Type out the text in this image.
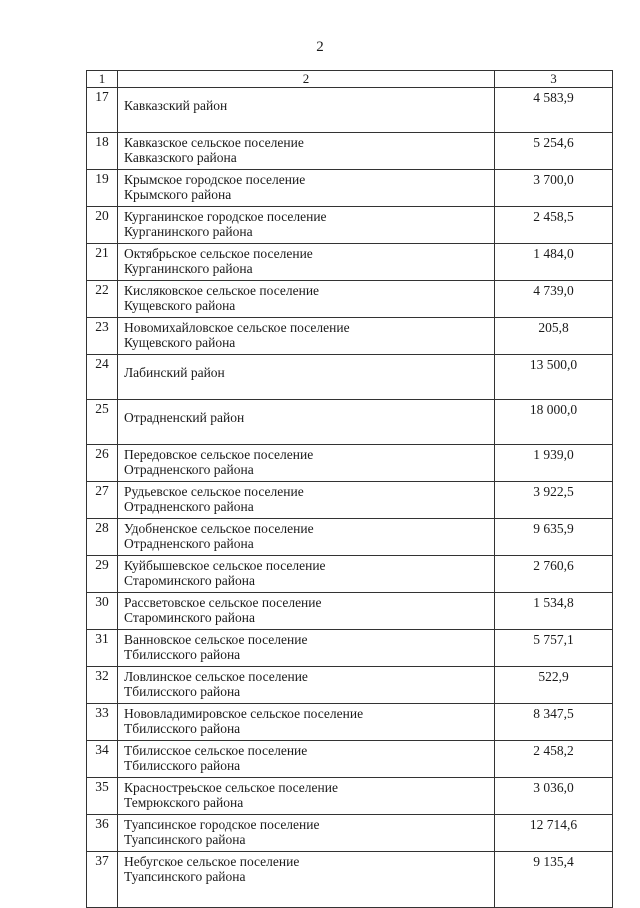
2
1	2	3
17	Кавказский район	4 583,9
18	Кавказское сельское поселение
Кавказского района	5 254,6
19	Крымское городское поселение
Крымского района	3 700,0
20	Курганинское городское поселение
Курганинского района	2 458,5
21	Октябрьское сельское поселение
Курганинского района	1 484,0
22	Кисляковское сельское поселение
Кущевского района	4 739,0
23	Новомихайловское сельское поселение
Кущевского района	205,8
24	Лабинский район	13 500,0
25	Отрадненский район	18 000,0
26	Передовское сельское поселение
Отрадненского района	1 939,0
27	Рудьевское сельское поселение
Отрадненского района	3 922,5
28	Удобненское сельское поселение
Отрадненского района	9 635,9
29	Куйбышевское сельское поселение
Староминского района	2 760,6
30	Рассветовское сельское поселение
Староминского района	1 534,8
31	Ванновское сельское поселение
Тбилисского района	5 757,1
32	Ловлинское сельское поселение
Тбилисского района	522,9
33	Нововладимировское сельское поселение
Тбилисского района	8 347,5
34	Тбилисское сельское поселение
Тбилисского района	2 458,2
35	Красностреьское сельское поселение
Темрюкского района	3 036,0
36	Туапсинское городское поселение
Туапсинского района	12 714,6
37	Небугское сельское поселение
Туапсинского района	9 135,4
